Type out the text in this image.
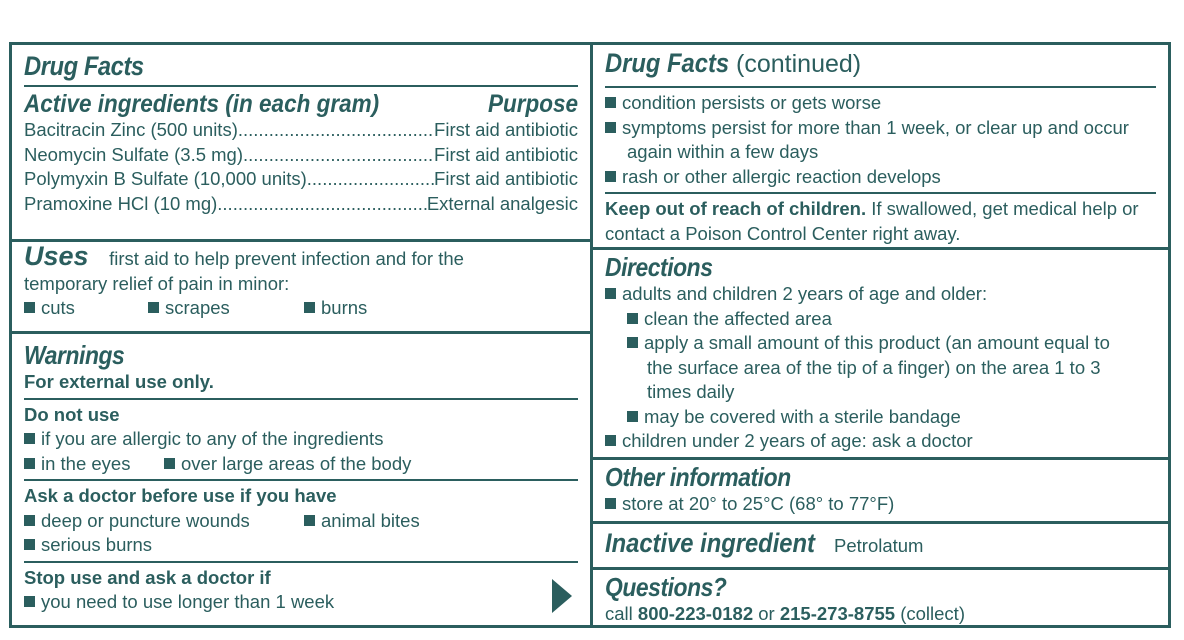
Drug Facts
Active ingredients (in each gram)	Purpose
Bacitracin Zinc (500 units) .....	First aid antibiotic
Neomycin Sulfate (3.5 mg) .....	First aid antibiotic
Polymyxin B Sulfate (10,000 units) .....	First aid antibiotic
Pramoxine HCl (10 mg) .....	External analgesic
Uses first aid to help prevent infection and for the
temporary relief of pain in minor:
cuts	scrapes	burns
Warnings
For external use only.
Do not use
if you are allergic to any of the ingredients
in the eyes	over large areas of the body
Ask a doctor before use if you have
deep or puncture wounds	animal bites
serious burns
Stop use and ask a doctor if
you need to use longer than 1 week
Drug Facts (continued)
condition persists or gets worse
symptoms persist for more than 1 week, or clear up and occur
again within a few days
rash or other allergic reaction develops
Keep out of reach of children. If swallowed, get medical help or
contact a Poison Control Center right away.
Directions
adults and children 2 years of age and older:
clean the affected area
apply a small amount of this product (an amount equal to
the surface area of the tip of a finger) on the area 1 to 3
times daily
may be covered with a sterile bandage
children under 2 years of age: ask a doctor
Other information
store at 20° to 25°C (68° to 77°F)
Inactive ingredient Petrolatum
Questions?
call 800-223-0182 or 215-273-8755 (collect)
